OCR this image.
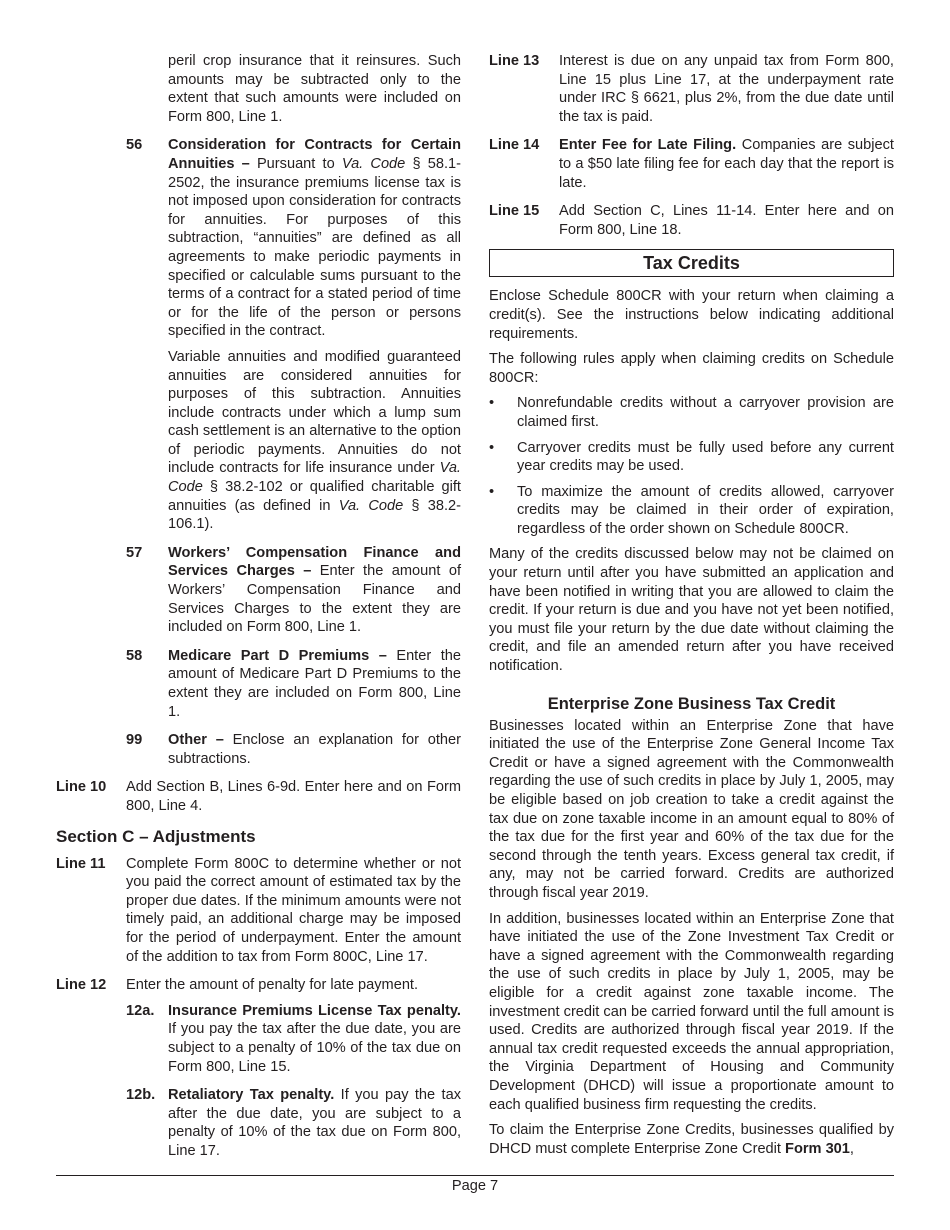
peril crop insurance that it reinsures. Such amounts may be subtracted only to the extent that such amounts were included on Form 800, Line 1.

56	Consideration for Contracts for Certain Annuities – Pursuant to Va. Code § 58.1-2502, the insurance premiums license tax is not imposed upon consideration for contracts for annuities. For purposes of this subtraction, “annuities” are defined as all agreements to make periodic payments in specified or calculable sums pursuant to the terms of a contract for a stated period of time or for the life of the person or persons specified in the contract.

Variable annuities and modified guaranteed annuities are considered annuities for purposes of this subtraction. Annuities include contracts under which a lump sum cash settlement is an alternative to the option of periodic payments. Annuities do not include contracts for life insurance under Va. Code § 38.2-102 or qualified charitable gift annuities (as defined in Va. Code § 38.2-106.1).

57	Workers’ Compensation Finance and Services Charges – Enter the amount of Workers’ Compensation Finance and Services Charges to the extent they are included on Form 800, Line 1.

58	Medicare Part D Premiums – Enter the amount of Medicare Part D Premiums to the extent they are included on Form 800, Line 1.

99	Other – Enclose an explanation for other subtractions.

Line 10	Add Section B, Lines 6-9d. Enter here and on Form 800, Line 4.

Section C – Adjustments
Line 11	Complete Form 800C to determine whether or not you paid the correct amount of estimated tax by the proper due dates. If the minimum amounts were not timely paid, an additional charge may be imposed for the period of underpayment. Enter the amount of the addition to tax from Form 800C, Line 17.

Line 12	Enter the amount of penalty for late payment.

12a. Insurance Premiums License Tax penalty. If you pay the tax after the due date, you are subject to a penalty of 10% of the tax due on Form 800, Line 15.

12b. Retaliatory Tax penalty. If you pay the tax after the due date, you are subject to a penalty of 10% of the tax due on Form 800, Line 17.

Line 13	Interest is due on any unpaid tax from Form 800, Line 15 plus Line 17, at the underpayment rate under IRC § 6621, plus 2%, from the due date until the tax is paid.

Line 14	Enter Fee for Late Filing. Companies are subject to a $50 late filing fee for each day that the report is late.

Line 15	Add Section C, Lines 11-14. Enter here and on Form 800, Line 18.

Tax Credits

Enclose Schedule 800CR with your return when claiming a credit(s). See the instructions below indicating additional requirements.

The following rules apply when claiming credits on Schedule 800CR:

•	Nonrefundable credits without a carryover provision are claimed first.

•	Carryover credits must be fully used before any current year credits may be used.

•	To maximize the amount of credits allowed, carryover credits may be claimed in their order of expiration, regardless of the order shown on Schedule 800CR.

Many of the credits discussed below may not be claimed on your return until after you have submitted an application and have been notified in writing that you are allowed to claim the credit. If your return is due and you have not yet been notified, you must file your return by the due date without claiming the credit, and file an amended return after you have received notification.

Enterprise Zone Business Tax Credit

Businesses located within an Enterprise Zone that have initiated the use of the Enterprise Zone General Income Tax Credit or have a signed agreement with the Commonwealth regarding the use of such credits in place by July 1, 2005, may be eligible based on job creation to take a credit against the tax due on zone taxable income in an amount equal to 80% of the tax due for the first year and 60% of the tax due for the second through the tenth years. Excess general tax credit, if any, may not be carried forward. Credits are authorized through fiscal year 2019.

In addition, businesses located within an Enterprise Zone that have initiated the use of the Zone Investment Tax Credit or have a signed agreement with the Commonwealth regarding the use of such credits in place by July 1, 2005, may be eligible for a credit against zone taxable income. The investment credit can be carried forward until the full amount is used. Credits are authorized through fiscal year 2019. If the annual tax credit requested exceeds the annual appropriation, the Virginia Department of Housing and Community Development (DHCD) will issue a proportionate amount to each qualified business firm requesting the credits.

To claim the Enterprise Zone Credits, businesses qualified by DHCD must complete Enterprise Zone Credit Form 301,

Page 7
